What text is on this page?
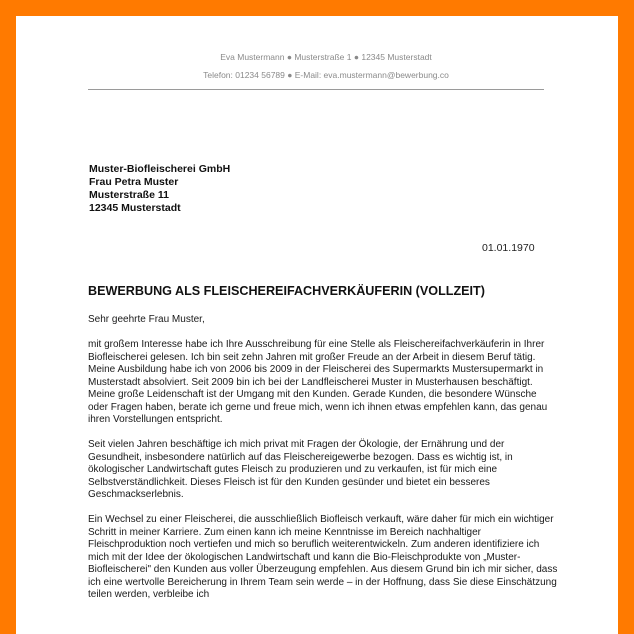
Eva Mustermann ● Musterstraße 1 ● 12345 Musterstadt
Telefon: 01234 56789 ● E-Mail: eva.mustermann@bewerbung.co
Muster-Biofleischerei GmbH
Frau Petra Muster
Musterstraße 11
12345 Musterstadt
01.01.1970
BEWERBUNG ALS FLEISCHEREIFACHVERKÄUFERIN (VOLLZEIT)

Sehr geehrte Frau Muster,

mit großem Interesse habe ich Ihre Ausschreibung für eine Stelle als Fleischereifachverkäuferin in Ihrer Biofleischerei gelesen. Ich bin seit zehn Jahren mit großer Freude an der Arbeit in diesem Beruf tätig. Meine Ausbildung habe ich von 2006 bis 2009 in der Fleischerei des Supermarkts Mustersupermarkt in Musterstadt absolviert. Seit 2009 bin ich bei der Landfleischerei Muster in Musterhausen beschäftigt. Meine große Leidenschaft ist der Umgang mit den Kunden. Gerade Kunden, die besondere Wünsche oder Fragen haben, berate ich gerne und freue mich, wenn ich ihnen etwas empfehlen kann, das genau ihren Vorstellungen entspricht.

Seit vielen Jahren beschäftige ich mich privat mit Fragen der Ökologie, der Ernährung und der Gesundheit, insbesondere natürlich auf das Fleischereigewerbe bezogen. Dass es wichtig ist, in ökologischer Landwirtschaft gutes Fleisch zu produzieren und zu verkaufen, ist für mich eine Selbstverständlichkeit. Dieses Fleisch ist für den Kunden gesünder und bietet ein besseres Geschmackserlebnis.

Ein Wechsel zu einer Fleischerei, die ausschließlich Biofleisch verkauft, wäre daher für mich ein wichtiger Schritt in meiner Karriere. Zum einen kann ich meine Kenntnisse im Bereich nachhaltiger Fleischproduktion noch vertiefen und mich so beruflich weiterentwickeln. Zum anderen identifiziere ich mich mit der Idee der ökologischen Landwirtschaft und kann die Bio-Fleischprodukte von „Muster-Biofleischerei" den Kunden aus voller Überzeugung empfehlen. Aus diesem Grund bin ich mir sicher, dass ich eine wertvolle Bereicherung in Ihrem Team sein werde – in der Hoffnung, dass Sie diese Einschätzung teilen werden, verbleibe ich
